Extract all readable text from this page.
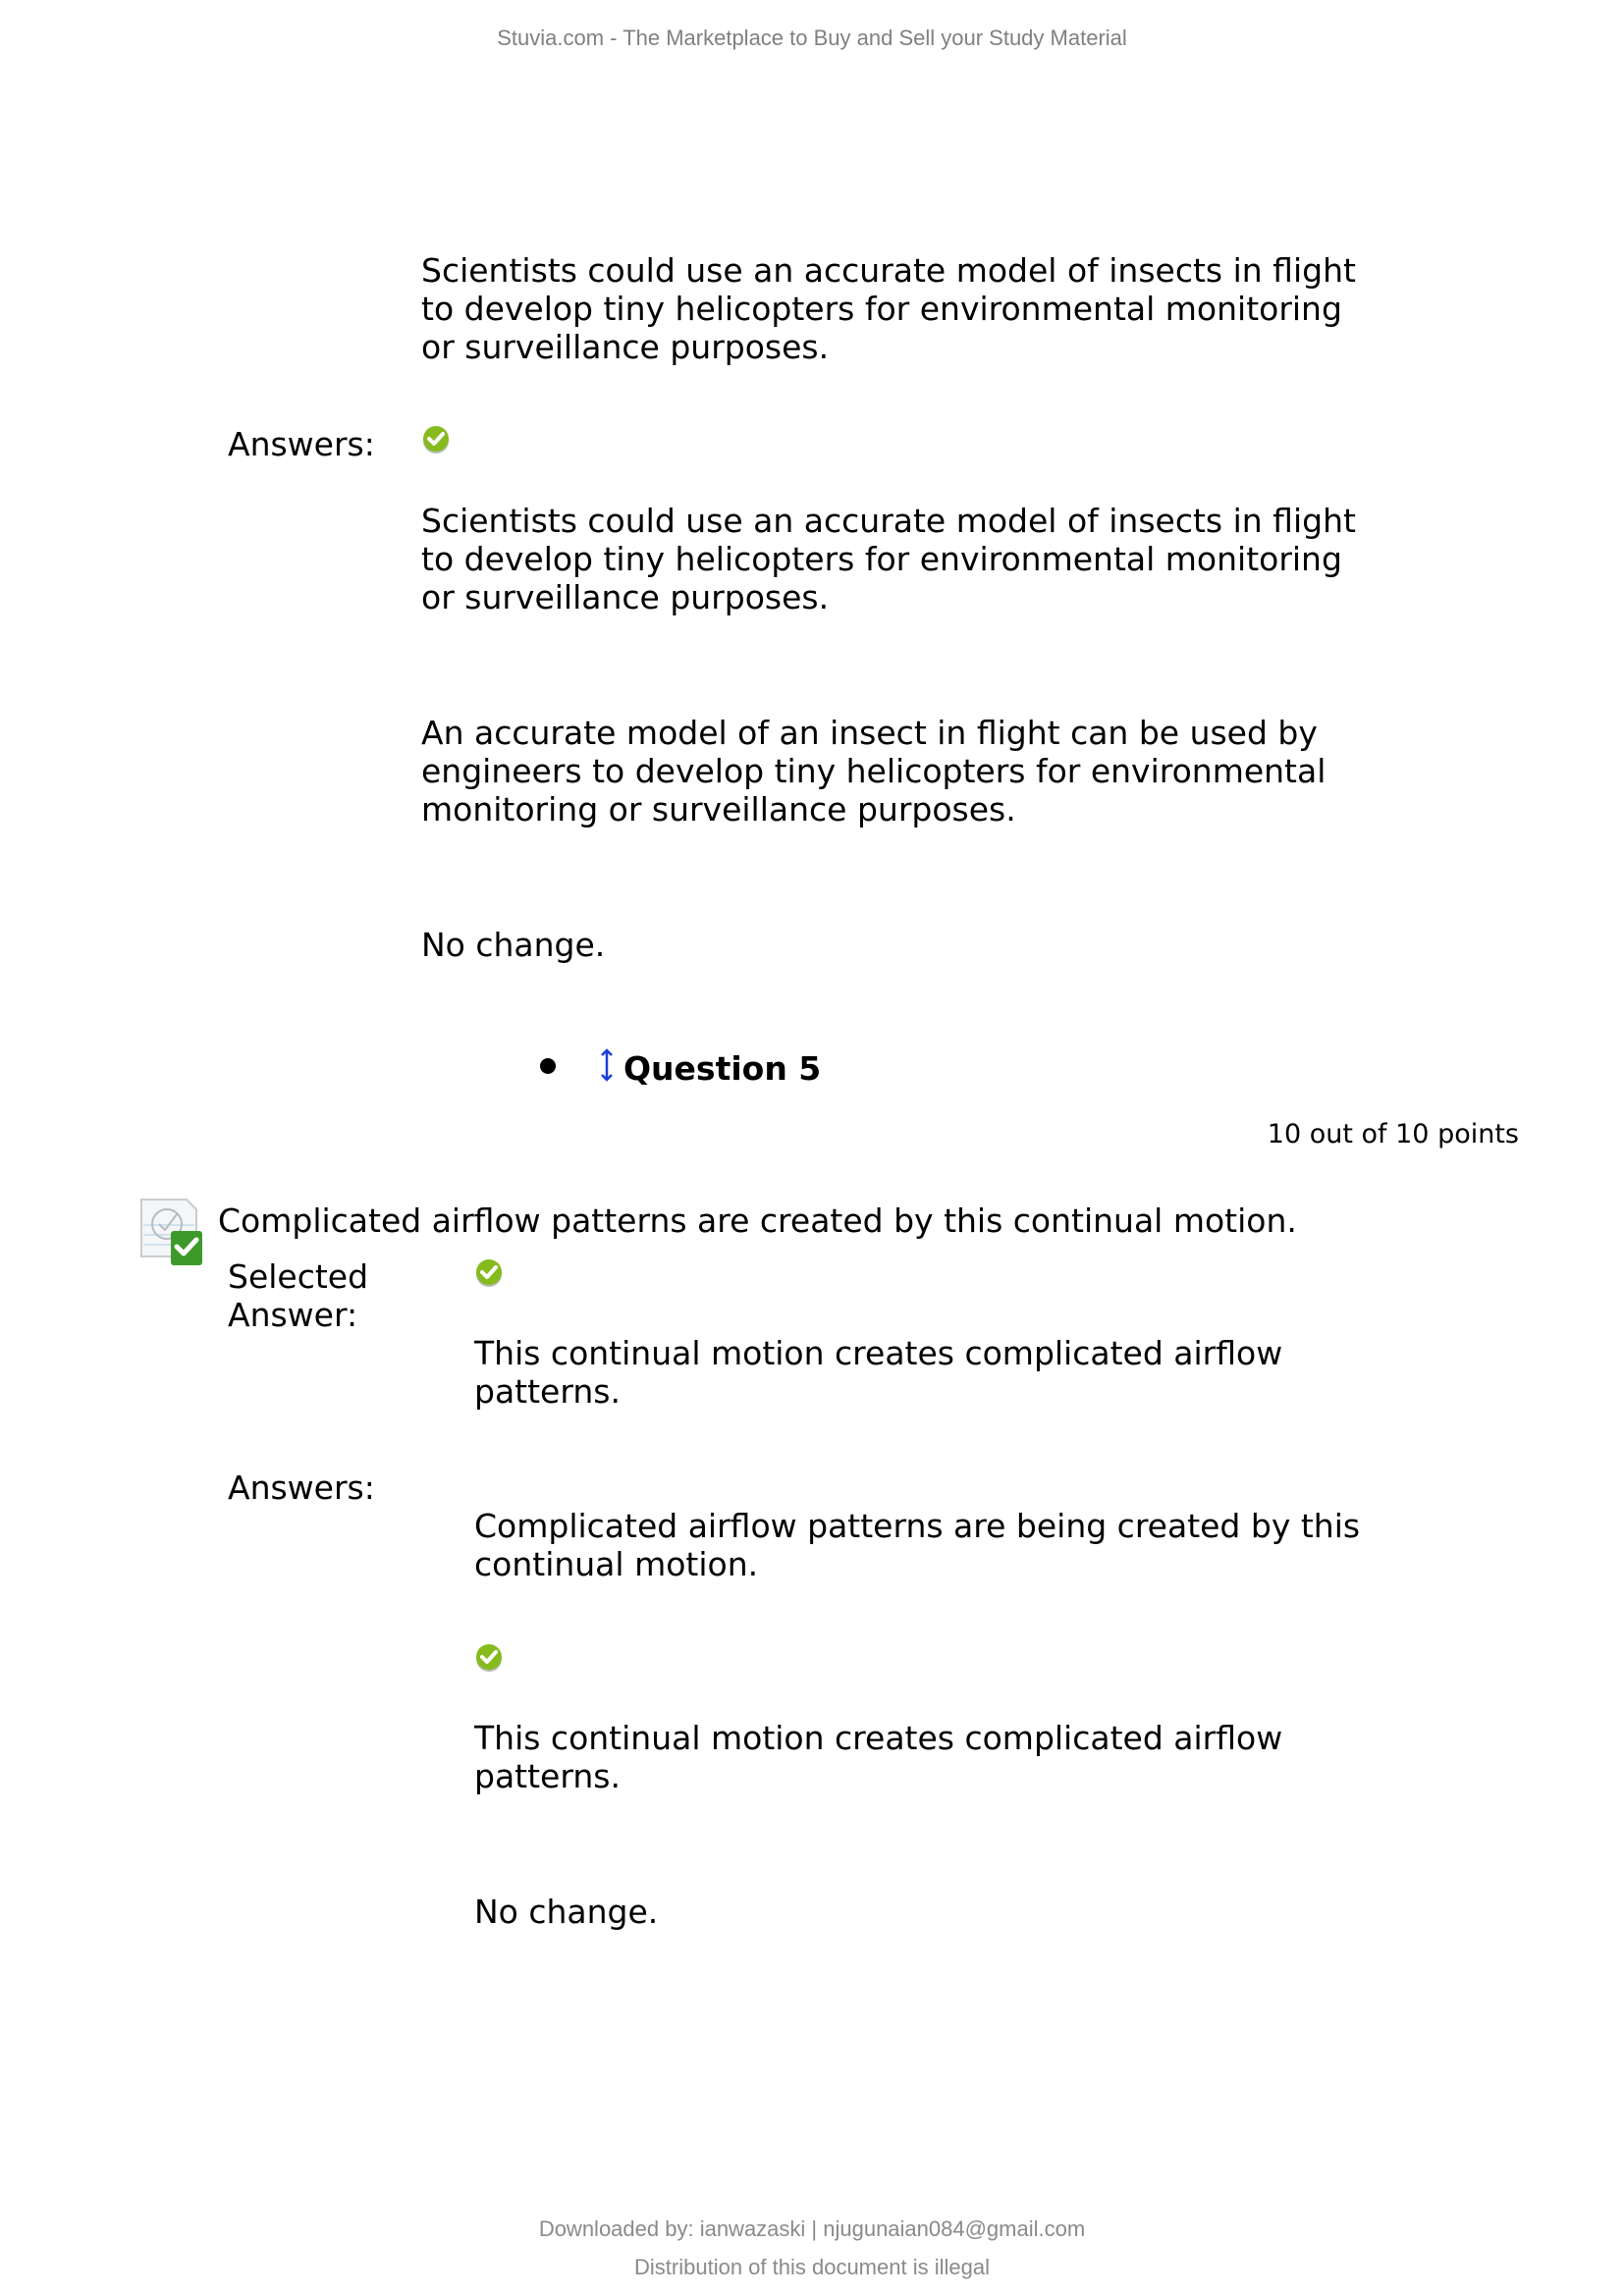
Stuvia.com - The Marketplace to Buy and Sell your Study Material
Scientists could use an accurate model of insects in flight
to develop tiny helicopters for environmental monitoring
or surveillance purposes.
Answers:
Scientists could use an accurate model of insects in flight
to develop tiny helicopters for environmental monitoring
or surveillance purposes.
An accurate model of an insect in flight can be used by
engineers to develop tiny helicopters for environmental
monitoring or surveillance purposes.
No change.
Question 5
10 out of 10 points
Complicated airflow patterns are created by this continual motion.
Selected
Answer:
This continual motion creates complicated airflow
patterns.
Answers:
Complicated airflow patterns are being created by this
continual motion.
This continual motion creates complicated airflow
patterns.
No change.
Downloaded by: ianwazaski | njugunaian084@gmail.com
Distribution of this document is illegal
